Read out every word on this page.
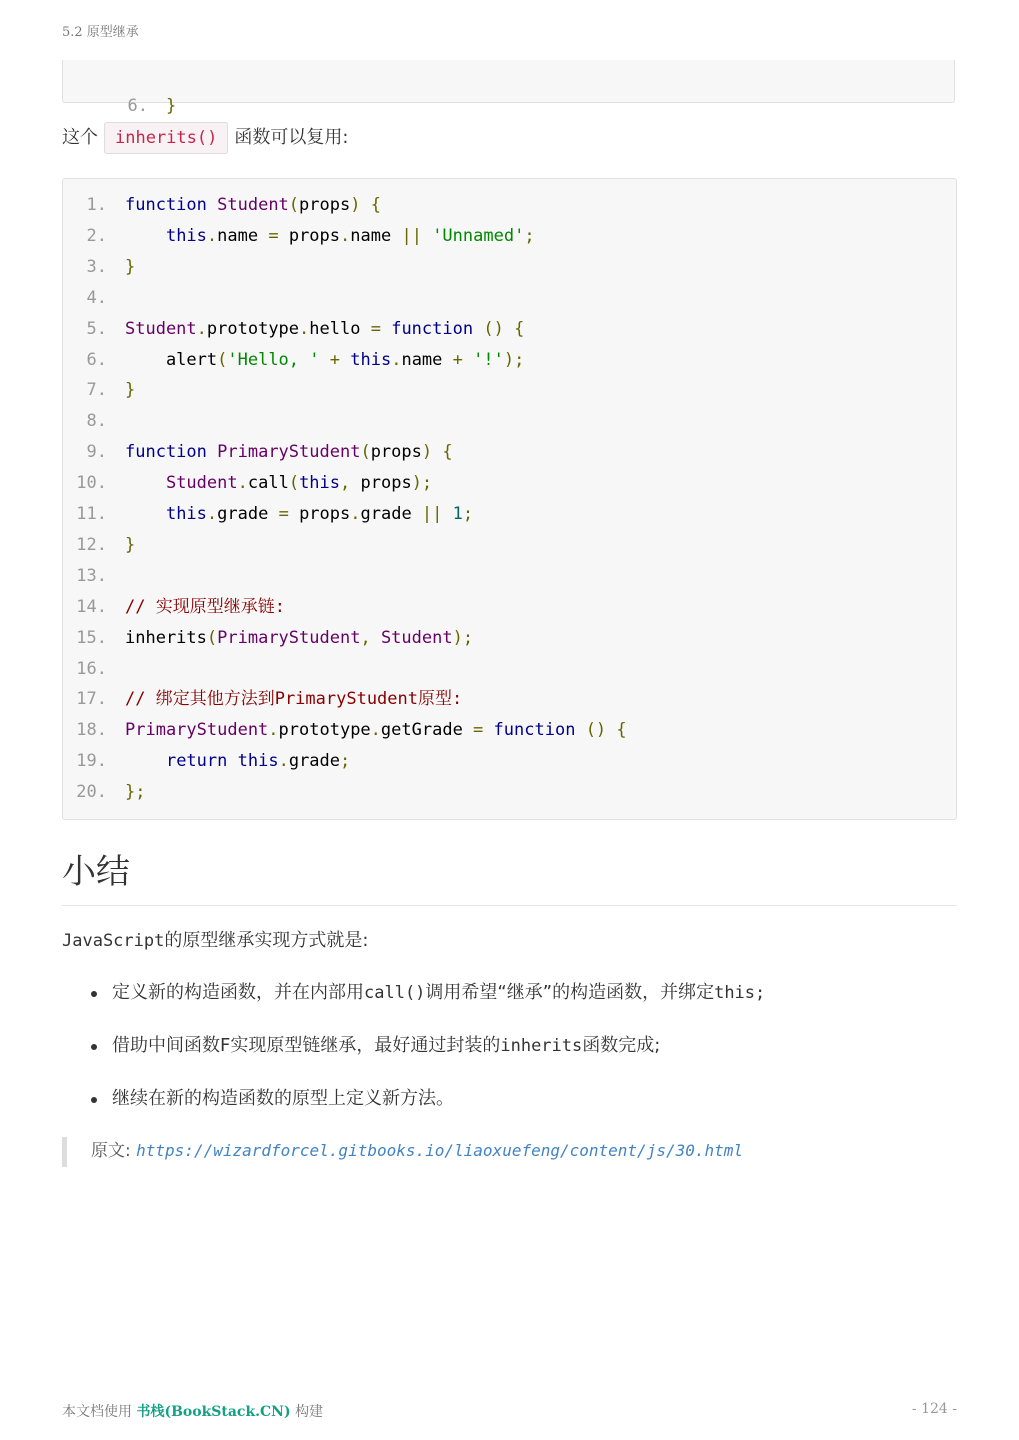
5.2 原型继承

6. }

这个 inherits() 函数可以复用:
1. function Student(props) {
2.	this.name = props.name || 'Unnamed';
3. }
4.
5. Student.prototype.hello = function () {
6.    alert('Hello, ' + this.name + '!');
7. }
8.
9. function PrimaryStudent(props) {
10.	Student.call(this, props);
11.	this.grade = props.grade || 1;
12. }
13.
14. // 实现原型继承链:
15. inherits(PrimaryStudent, Student);
16.
17. // 绑定其他方法到PrimaryStudent原型:
18. PrimaryStudent.prototype.getGrade = function () {
19.	return this.grade;
20. };
小结
JavaScript的原型继承实现方式就是:
定义新的构造函数，并在内部用call()调用希望“继承”的构造函数，并绑定this;
借助中间函数F实现原型链继承，最好通过封装的inherits函数完成;
继续在新的构造函数的原型上定义新方法。
原文: https://wizardforcel.gitbooks.io/liaoxuefeng/content/js/30.html
本文档使用 书栈(BookStack.CN) 构建	- 124 -
